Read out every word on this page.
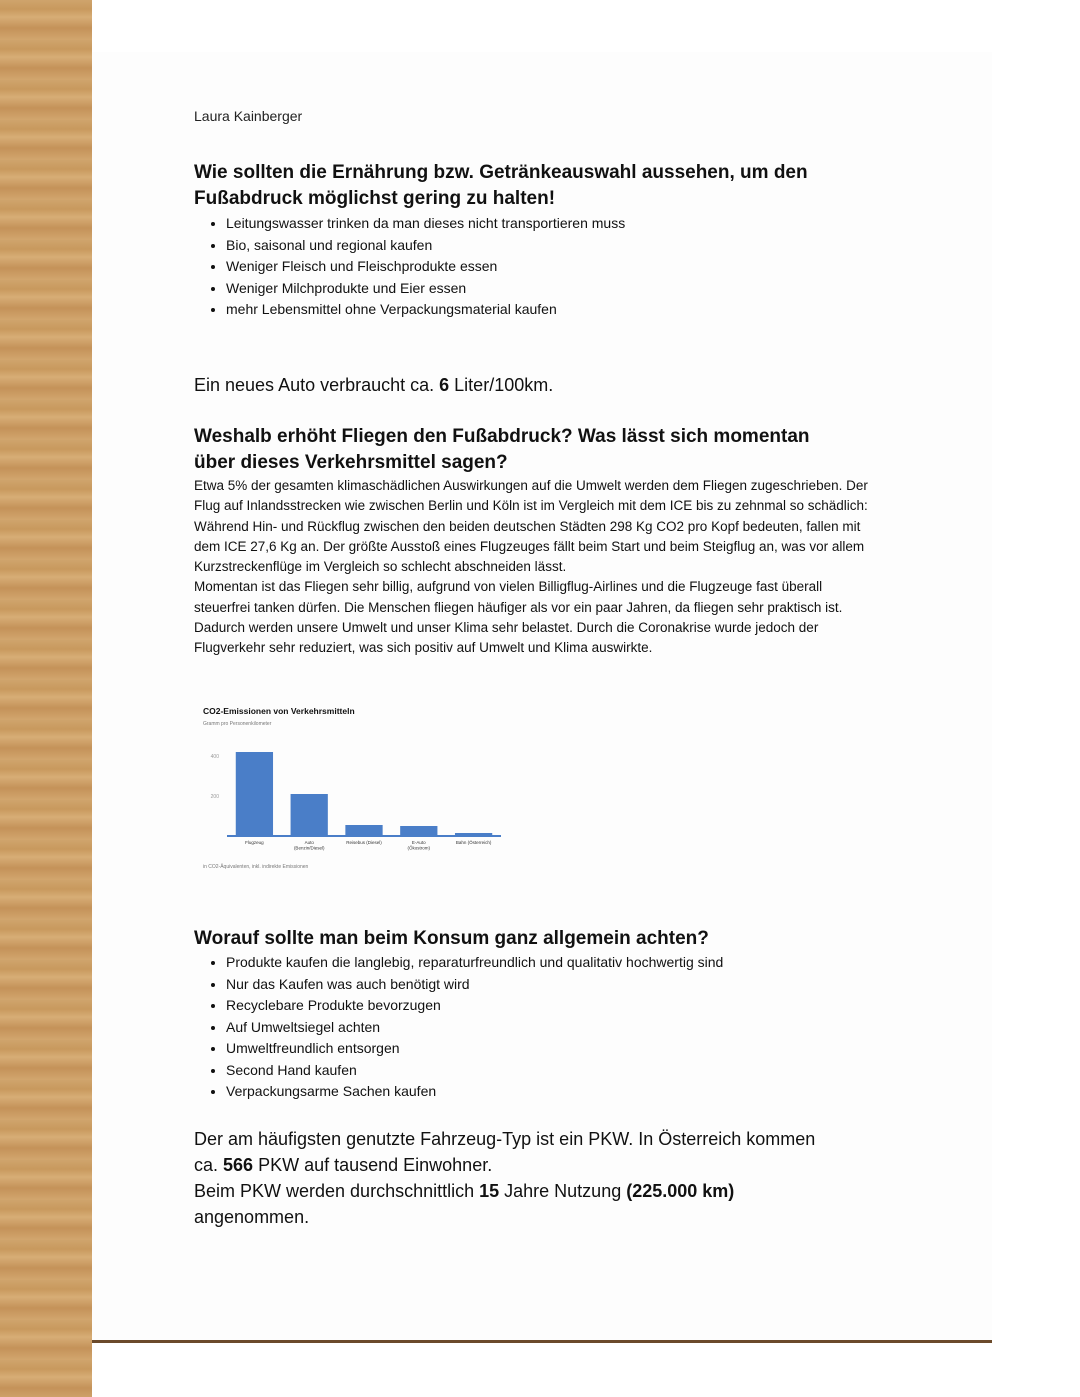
Laura Kainberger
Wie sollten die Ernährung bzw. Getränkeauswahl aussehen, um den Fußabdruck möglichst gering zu halten!
• Leitungswasser trinken da man dieses nicht transportieren muss
• Bio, saisonal und regional kaufen
• Weniger Fleisch und Fleischprodukte essen
• Weniger Milchprodukte und Eier essen
• mehr Lebensmittel ohne Verpackungsmaterial kaufen
Ein neues Auto verbraucht ca. 6 Liter/100km.
Weshalb erhöht Fliegen den Fußabdruck? Was lässt sich momentan über dieses Verkehrsmittel sagen?
Etwa 5% der gesamten klimaschädlichen Auswirkungen auf die Umwelt werden dem Fliegen zugeschrieben. Der Flug auf Inlandsstrecken wie zwischen Berlin und Köln ist im Vergleich mit dem ICE bis zu zehnmal so schädlich: Während Hin- und Rückflug zwischen den beiden deutschen Städten 298 Kg CO2 pro Kopf bedeuten, fallen mit dem ICE 27,6 Kg an. Der größte Ausstoß eines Flugzeuges fällt beim Start und beim Steigflug an, was vor allem Kurzstreckenflüge im Vergleich so schlecht abschneiden lässt.
Momentan ist das Fliegen sehr billig, aufgrund von vielen Billigflug-Airlines und die Flugzeuge fast überall steuerfrei tanken dürfen. Die Menschen fliegen häufiger als vor ein paar Jahren, da fliegen sehr praktisch ist. Dadurch werden unsere Umwelt und unser Klima sehr belastet. Durch die Coronakrise wurde jedoch der Flugverkehr sehr reduziert, was sich positiv auf Umwelt und Klima auswirkte.
CO2-Emissionen von Verkehrsmitteln
Gramm pro Personenkilometer
200
400
Flugzeug	Auto
(Benzin/Diesel)
Reisebus (Diesel)	E-Auto
(Ökostrom)
Bahn (Österreich)
in CO2-Äquivalenten, inkl. indirekte Emissionen
Worauf sollte man beim Konsum ganz allgemein achten?
• Produkte kaufen die langlebig, reparaturfreundlich und qualitativ hochwertig sind
• Nur das Kaufen was auch benötigt wird
• Recyclebare Produkte bevorzugen
• Auf Umweltsiegel achten
• Umweltfreundlich entsorgen
• Second Hand kaufen
• Verpackungsarme Sachen kaufen
Der am häufigsten genutzte Fahrzeug-Typ ist ein PKW. In Österreich kommen
ca. 566 PKW auf tausend Einwohner.
Beim PKW werden durchschnittlich 15 Jahre Nutzung (225.000 km)
angenommen.
